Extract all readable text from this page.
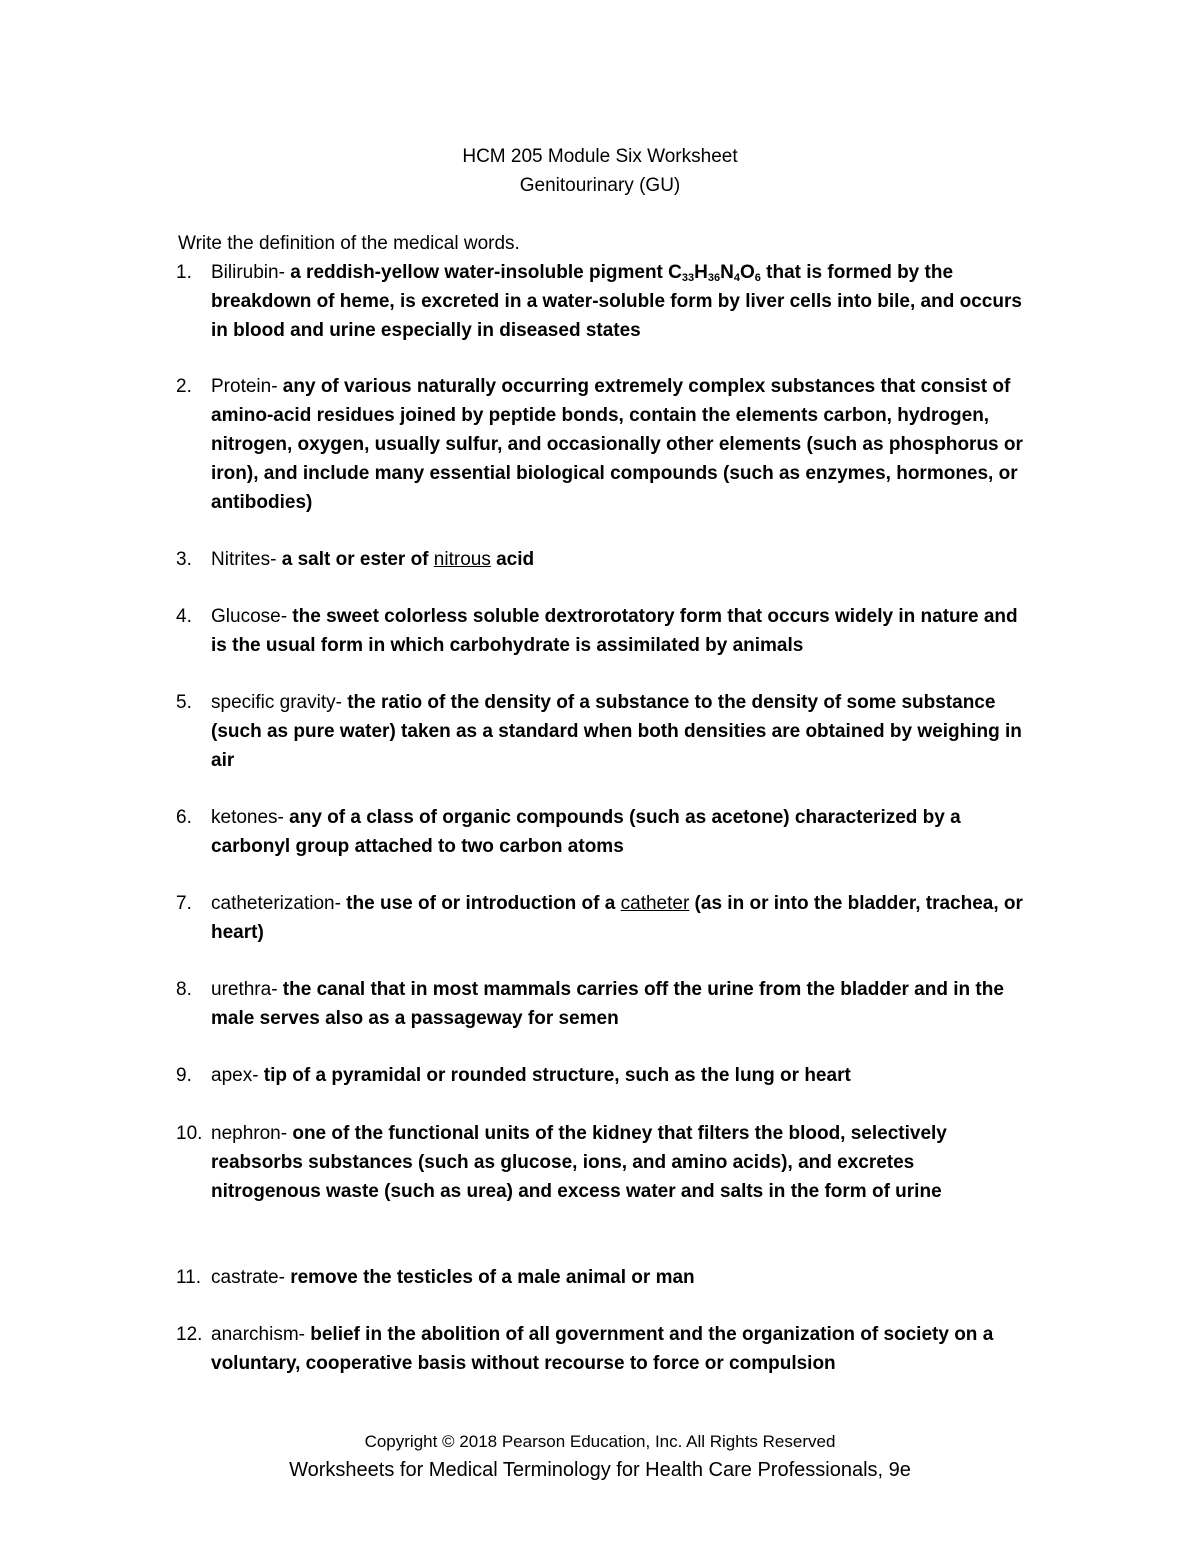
HCM 205 Module Six Worksheet
Genitourinary (GU)
Write the definition of the medical words.
1. Bilirubin- a reddish-yellow water-insoluble pigment $C_{33}H_{36}N_4O_6$ that is formed by the breakdown of heme, is excreted in a water-soluble form by liver cells into bile, and occurs in blood and urine especially in diseased states
2. Protein- any of various naturally occurring extremely complex substances that consist of amino-acid residues joined by peptide bonds, contain the elements carbon, hydrogen, nitrogen, oxygen, usually sulfur, and occasionally other elements (such as phosphorus or iron), and include many essential biological compounds (such as enzymes, hormones, or antibodies)
3. Nitrites- a salt or ester of nitrous acid
4. Glucose- the sweet colorless soluble dextrorotatory form that occurs widely in nature and is the usual form in which carbohydrate is assimilated by animals
5. specific gravity- the ratio of the density of a substance to the density of some substance (such as pure water) taken as a standard when both densities are obtained by weighing in air
6. ketones- any of a class of organic compounds (such as acetone) characterized by a carbonyl group attached to two carbon atoms
7. catheterization- the use of or introduction of a catheter (as in or into the bladder, trachea, or heart)
8. urethra- the canal that in most mammals carries off the urine from the bladder and in the male serves also as a passageway for semen
9. apex- tip of a pyramidal or rounded structure, such as the lung or heart
10. nephron- one of the functional units of the kidney that filters the blood, selectively reabsorbs substances (such as glucose, ions, and amino acids), and excretes nitrogenous waste (such as urea) and excess water and salts in the form of urine
11. castrate- remove the testicles of a male animal or man
12. anarchism- belief in the abolition of all government and the organization of society on a voluntary, cooperative basis without recourse to force or compulsion
Copyright © 2018 Pearson Education, Inc. All Rights Reserved
Worksheets for Medical Terminology for Health Care Professionals, 9e
